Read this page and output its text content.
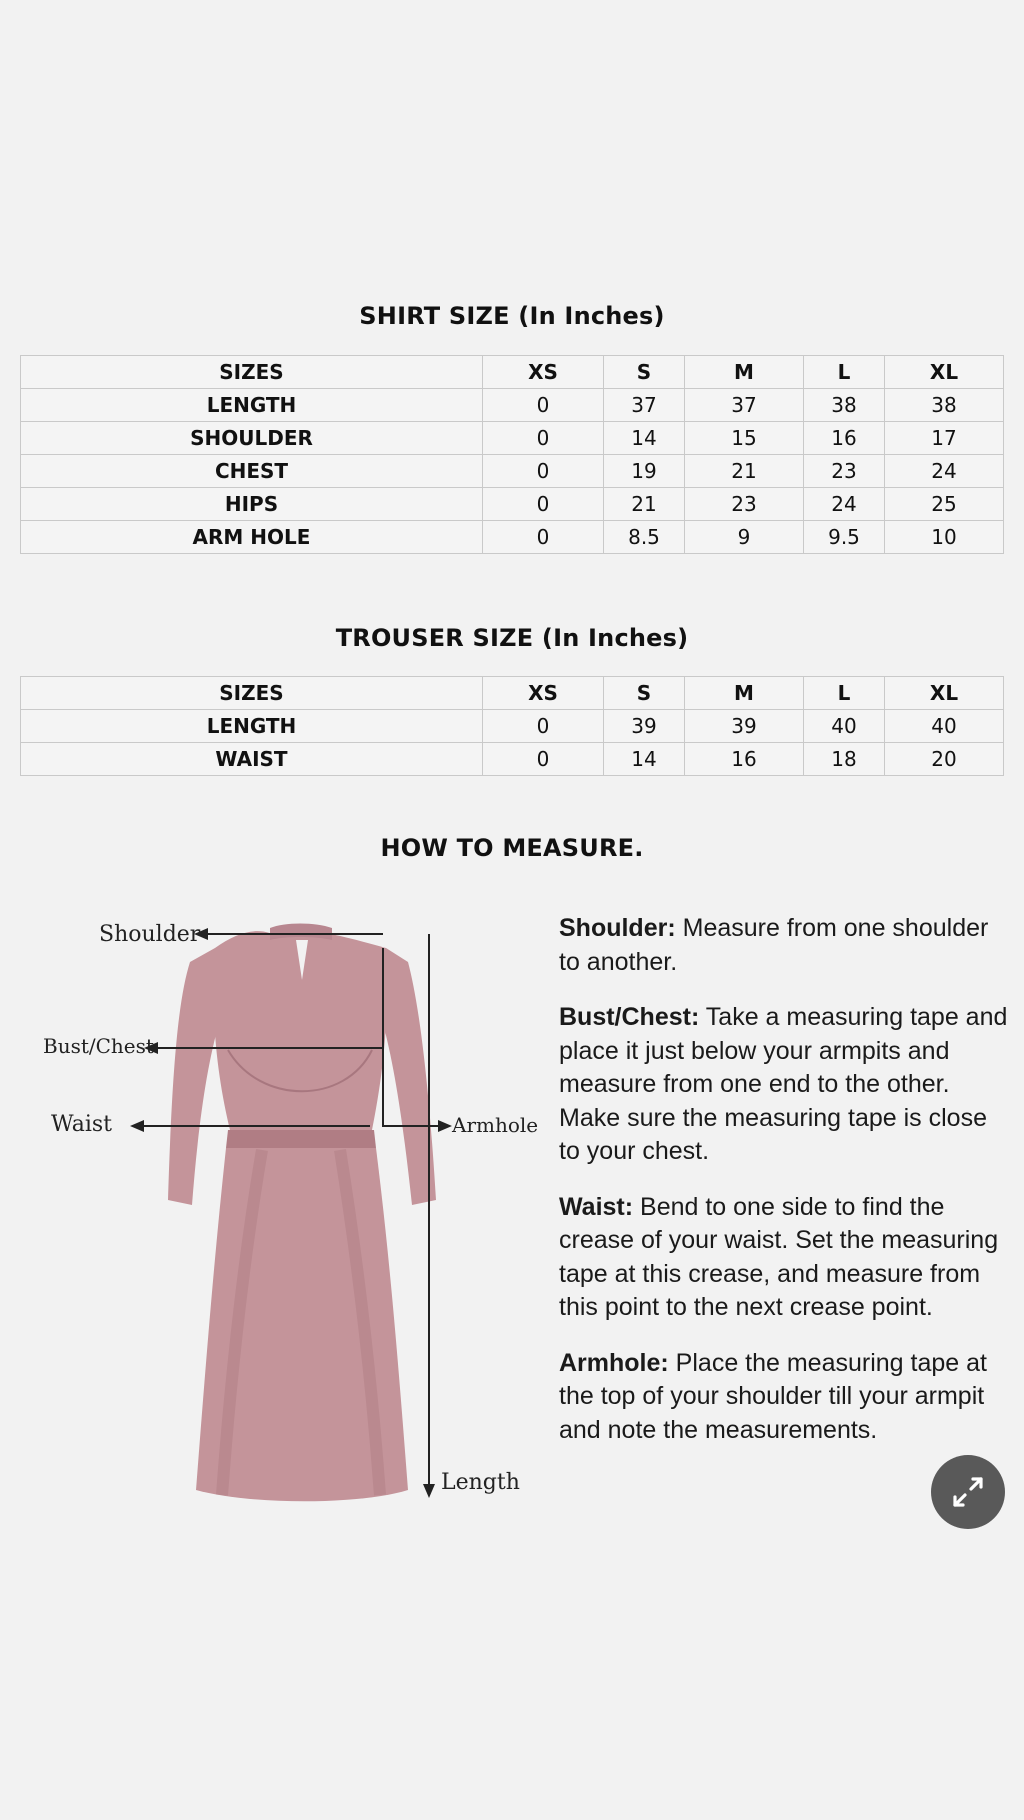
SHIRT SIZE (In Inches)
SIZES	XS	S	M	L	XL
LENGTH	0	37	37	38	38
SHOULDER	0	14	15	16	17
CHEST	0	19	21	23	24
HIPS	0	21	23	24	25
ARM HOLE	0	8.5	9	9.5	10
TROUSER SIZE (In Inches)
SIZES	XS	S	M	L	XL
LENGTH	0	39	39	40	40
WAIST	0	14	16	18	20
HOW TO MEASURE.
Shoulder
Bust/Chest
Waist	Armhole
Length

Shoulder: Measure from one shoulder to another.

Bust/Chest: Take a measuring tape and place it just below your armpits and measure from one end to the other. Make sure the measuring tape is close to your chest.

Waist: Bend to one side to find the crease of your waist. Set the measuring tape at this crease, and measure from this point to the next crease point.

Armhole: Place the measuring tape at the top of your shoulder till your armpit and note the measurements.
